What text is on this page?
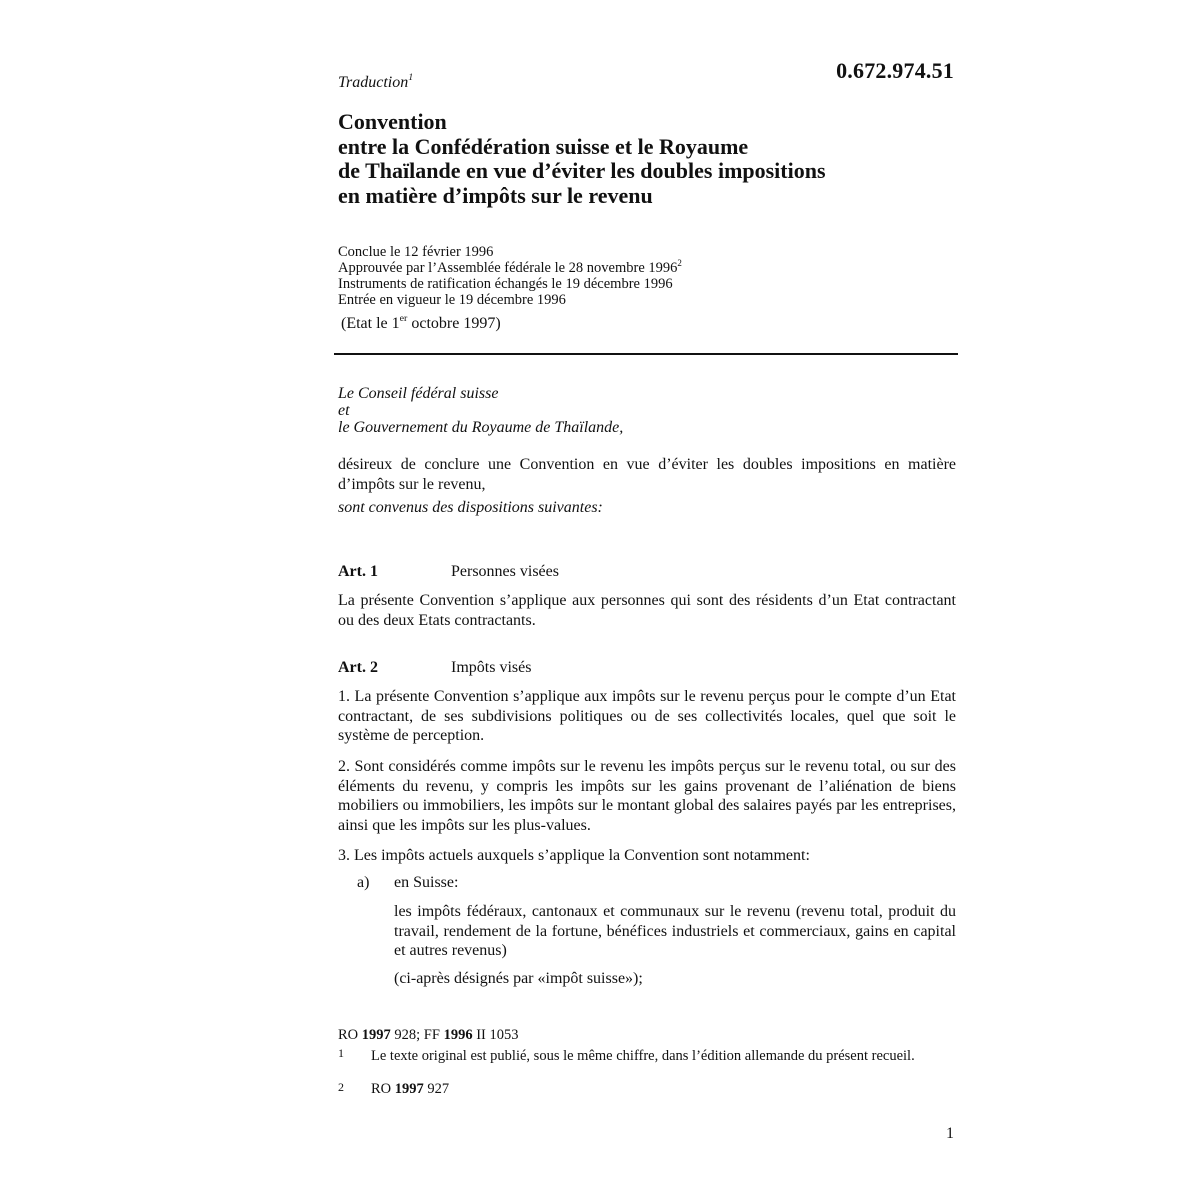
0.672.974.51
Traduction$^1$
Convention
entre la Confédération suisse et le Royaume
de Thaïlande en vue d’éviter les doubles impositions
en matière d’impôts sur le revenu
Conclue le 12 février 1996
Approuvée par l’Assemblée fédérale le 28 novembre 1996$^2$
Instruments de ratification échangés le 19 décembre 1996
Entrée en vigueur le 19 décembre 1996
(Etat le 1er octobre 1997)
Le Conseil fédéral suisse
et
le Gouvernement du Royaume de Thaïlande,
désireux de conclure une Convention en vue d’éviter les doubles impositions en matière d’impôts sur le revenu,
sont convenus des dispositions suivantes:
Art. 1	Personnes visées
La présente Convention s’applique aux personnes qui sont des résidents d’un Etat contractant ou des deux Etats contractants.
Art. 2	Impôts visés
1. La présente Convention s’applique aux impôts sur le revenu perçus pour le compte d’un Etat contractant, de ses subdivisions politiques ou de ses collectivités locales, quel que soit le système de perception.
2. Sont considérés comme impôts sur le revenu les impôts perçus sur le revenu total, ou sur des éléments du revenu, y compris les impôts sur les gains provenant de l’aliénation de biens mobiliers ou immobiliers, les impôts sur le montant global des salaires payés par les entreprises, ainsi que les impôts sur les plus-values.
3. Les impôts actuels auxquels s’applique la Convention sont notamment:
a) en Suisse:
les impôts fédéraux, cantonaux et communaux sur le revenu (revenu total, produit du travail, rendement de la fortune, bénéfices industriels et commerciaux, gains en capital et autres revenus)
(ci-après désignés par «impôt suisse»);
RO 1997 928; FF 1996 II 1053
1 Le texte original est publié, sous le même chiffre, dans l’édition allemande du présent recueil.
2 RO 1997 927
1
